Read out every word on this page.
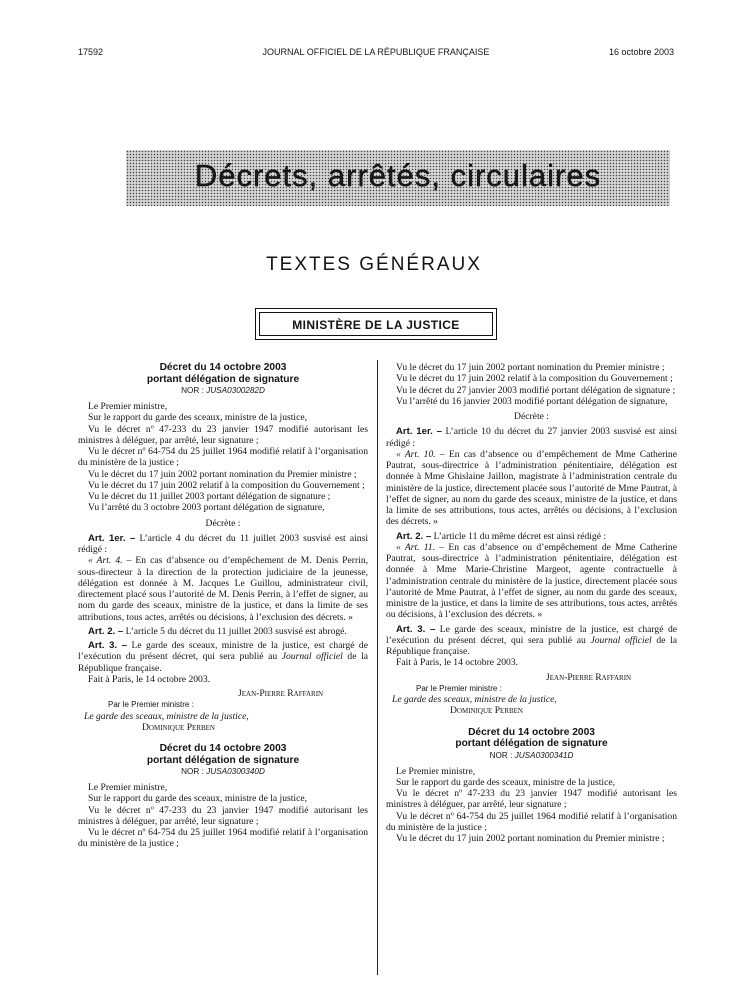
17592	JOURNAL OFFICIEL DE LA RÉPUBLIQUE FRANÇAISE	16 octobre 2003
Décrets, arrêtés, circulaires
TEXTES GÉNÉRAUX
MINISTÈRE DE LA JUSTICE

Décret du 14 octobre 2003

portant délégation de signature

NOR : JUSA0300282D

Le Premier ministre,

Sur le rapport du garde des sceaux, ministre de la justice,

Vu le décret nº 47-233 du 23 janvier 1947 modifié autorisant les ministres à déléguer, par arrêté, leur signature ;

Vu le décret nº 64-754 du 25 juillet 1964 modifié relatif à l’organisation du ministère de la justice ;

Vu le décret du 17 juin 2002 portant nomination du Premier ministre ;

Vu le décret du 17 juin 2002 relatif à la composition du Gouvernement ;

Vu le décret du 11 juillet 2003 portant délégation de signature ;

Vu l’arrêté du 3 octobre 2003 portant délégation de signature,

Décrète :

Art. 1er. – L’article 4 du décret du 11 juillet 2003 susvisé est ainsi rédigé :

« Art. 4. – En cas d’absence ou d’empêchement de M. Denis Perrin, sous-directeur à la direction de la protection judiciaire de la jeunesse, délégation est donnée à M. Jacques Le Guillou, administrateur civil, directement placé sous l’autorité de M. Denis Perrin, à l’effet de signer, au nom du garde des sceaux, ministre de la justice, et dans la limite de ses attributions, tous actes, arrêtés ou décisions, à l’exclusion des décrets. »

Art. 2. – L’article 5 du décret du 11 juillet 2003 susvisé est abrogé.

Art. 3. – Le garde des sceaux, ministre de la justice, est chargé de l’exécution du présent décret, qui sera publié au Journal officiel de la République française.

Fait à Paris, le 14 octobre 2003.

Jean-Pierre Raffarin

Par le Premier ministre :

Le garde des sceaux, ministre de la justice,

Dominique Perben

Décret du 14 octobre 2003

portant délégation de signature

NOR : JUSA0300340D

Le Premier ministre,

Sur le rapport du garde des sceaux, ministre de la justice,

Vu le décret nº 47-233 du 23 janvier 1947 modifié autorisant les ministres à déléguer, par arrêté, leur signature ;

Vu le décret nº 64-754 du 25 juillet 1964 modifié relatif à l’organisation du ministère de la justice ;

Vu le décret du 17 juin 2002 portant nomination du Premier ministre ;

Vu le décret du 17 juin 2002 relatif à la composition du Gouvernement ;

Vu le décret du 27 janvier 2003 modifié portant délégation de signature ;

Vu l’arrêté du 16 janvier 2003 modifié portant délégation de signature,

Décrète :

Art. 1er. – L’article 10 du décret du 27 janvier 2003 susvisé est ainsi rédigé :

« Art. 10. – En cas d’absence ou d’empêchement de Mme Catherine Pautrat, sous-directrice à l’administration pénitentiaire, délégation est donnée à Mme Ghislaine Jaillon, magistrate à l’administration centrale du ministère de la justice, directement placée sous l’autorité de Mme Pautrat, à l’effet de signer, au nom du garde des sceaux, ministre de la justice, et dans la limite de ses attributions, tous actes, arrêtés ou décisions, à l’exclusion des décrets. »

Art. 2. – L’article 11 du même décret est ainsi rédigé :

« Art. 11. – En cas d’absence ou d’empêchement de Mme Catherine Pautrat, sous-directrice à l’administration pénitentiaire, délégation est donnée à Mme Marie-Christine Margeot, agente contractuelle à l’administration centrale du ministère de la justice, directement placée sous l’autorité de Mme Pautrat, à l’effet de signer, au nom du garde des sceaux, ministre de la justice, et dans la limite de ses attributions, tous actes, arrêtés ou décisions, à l’exclusion des décrets. »

Art. 3. – Le garde des sceaux, ministre de la justice, est chargé de l’exécution du présent décret, qui sera publié au Journal officiel de la République française.

Fait à Paris, le 14 octobre 2003.

Jean-Pierre Raffarin

Par le Premier ministre :

Le garde des sceaux, ministre de la justice,

Dominique Perben

Décret du 14 octobre 2003

portant délégation de signature

NOR : JUSA0300341D

Le Premier ministre,

Sur le rapport du garde des sceaux, ministre de la justice,

Vu le décret nº 47-233 du 23 janvier 1947 modifié autorisant les ministres à déléguer, par arrêté, leur signature ;

Vu le décret nº 64-754 du 25 juillet 1964 modifié relatif à l’organisation du ministère de la justice ;

Vu le décret du 17 juin 2002 portant nomination du Premier ministre ;
